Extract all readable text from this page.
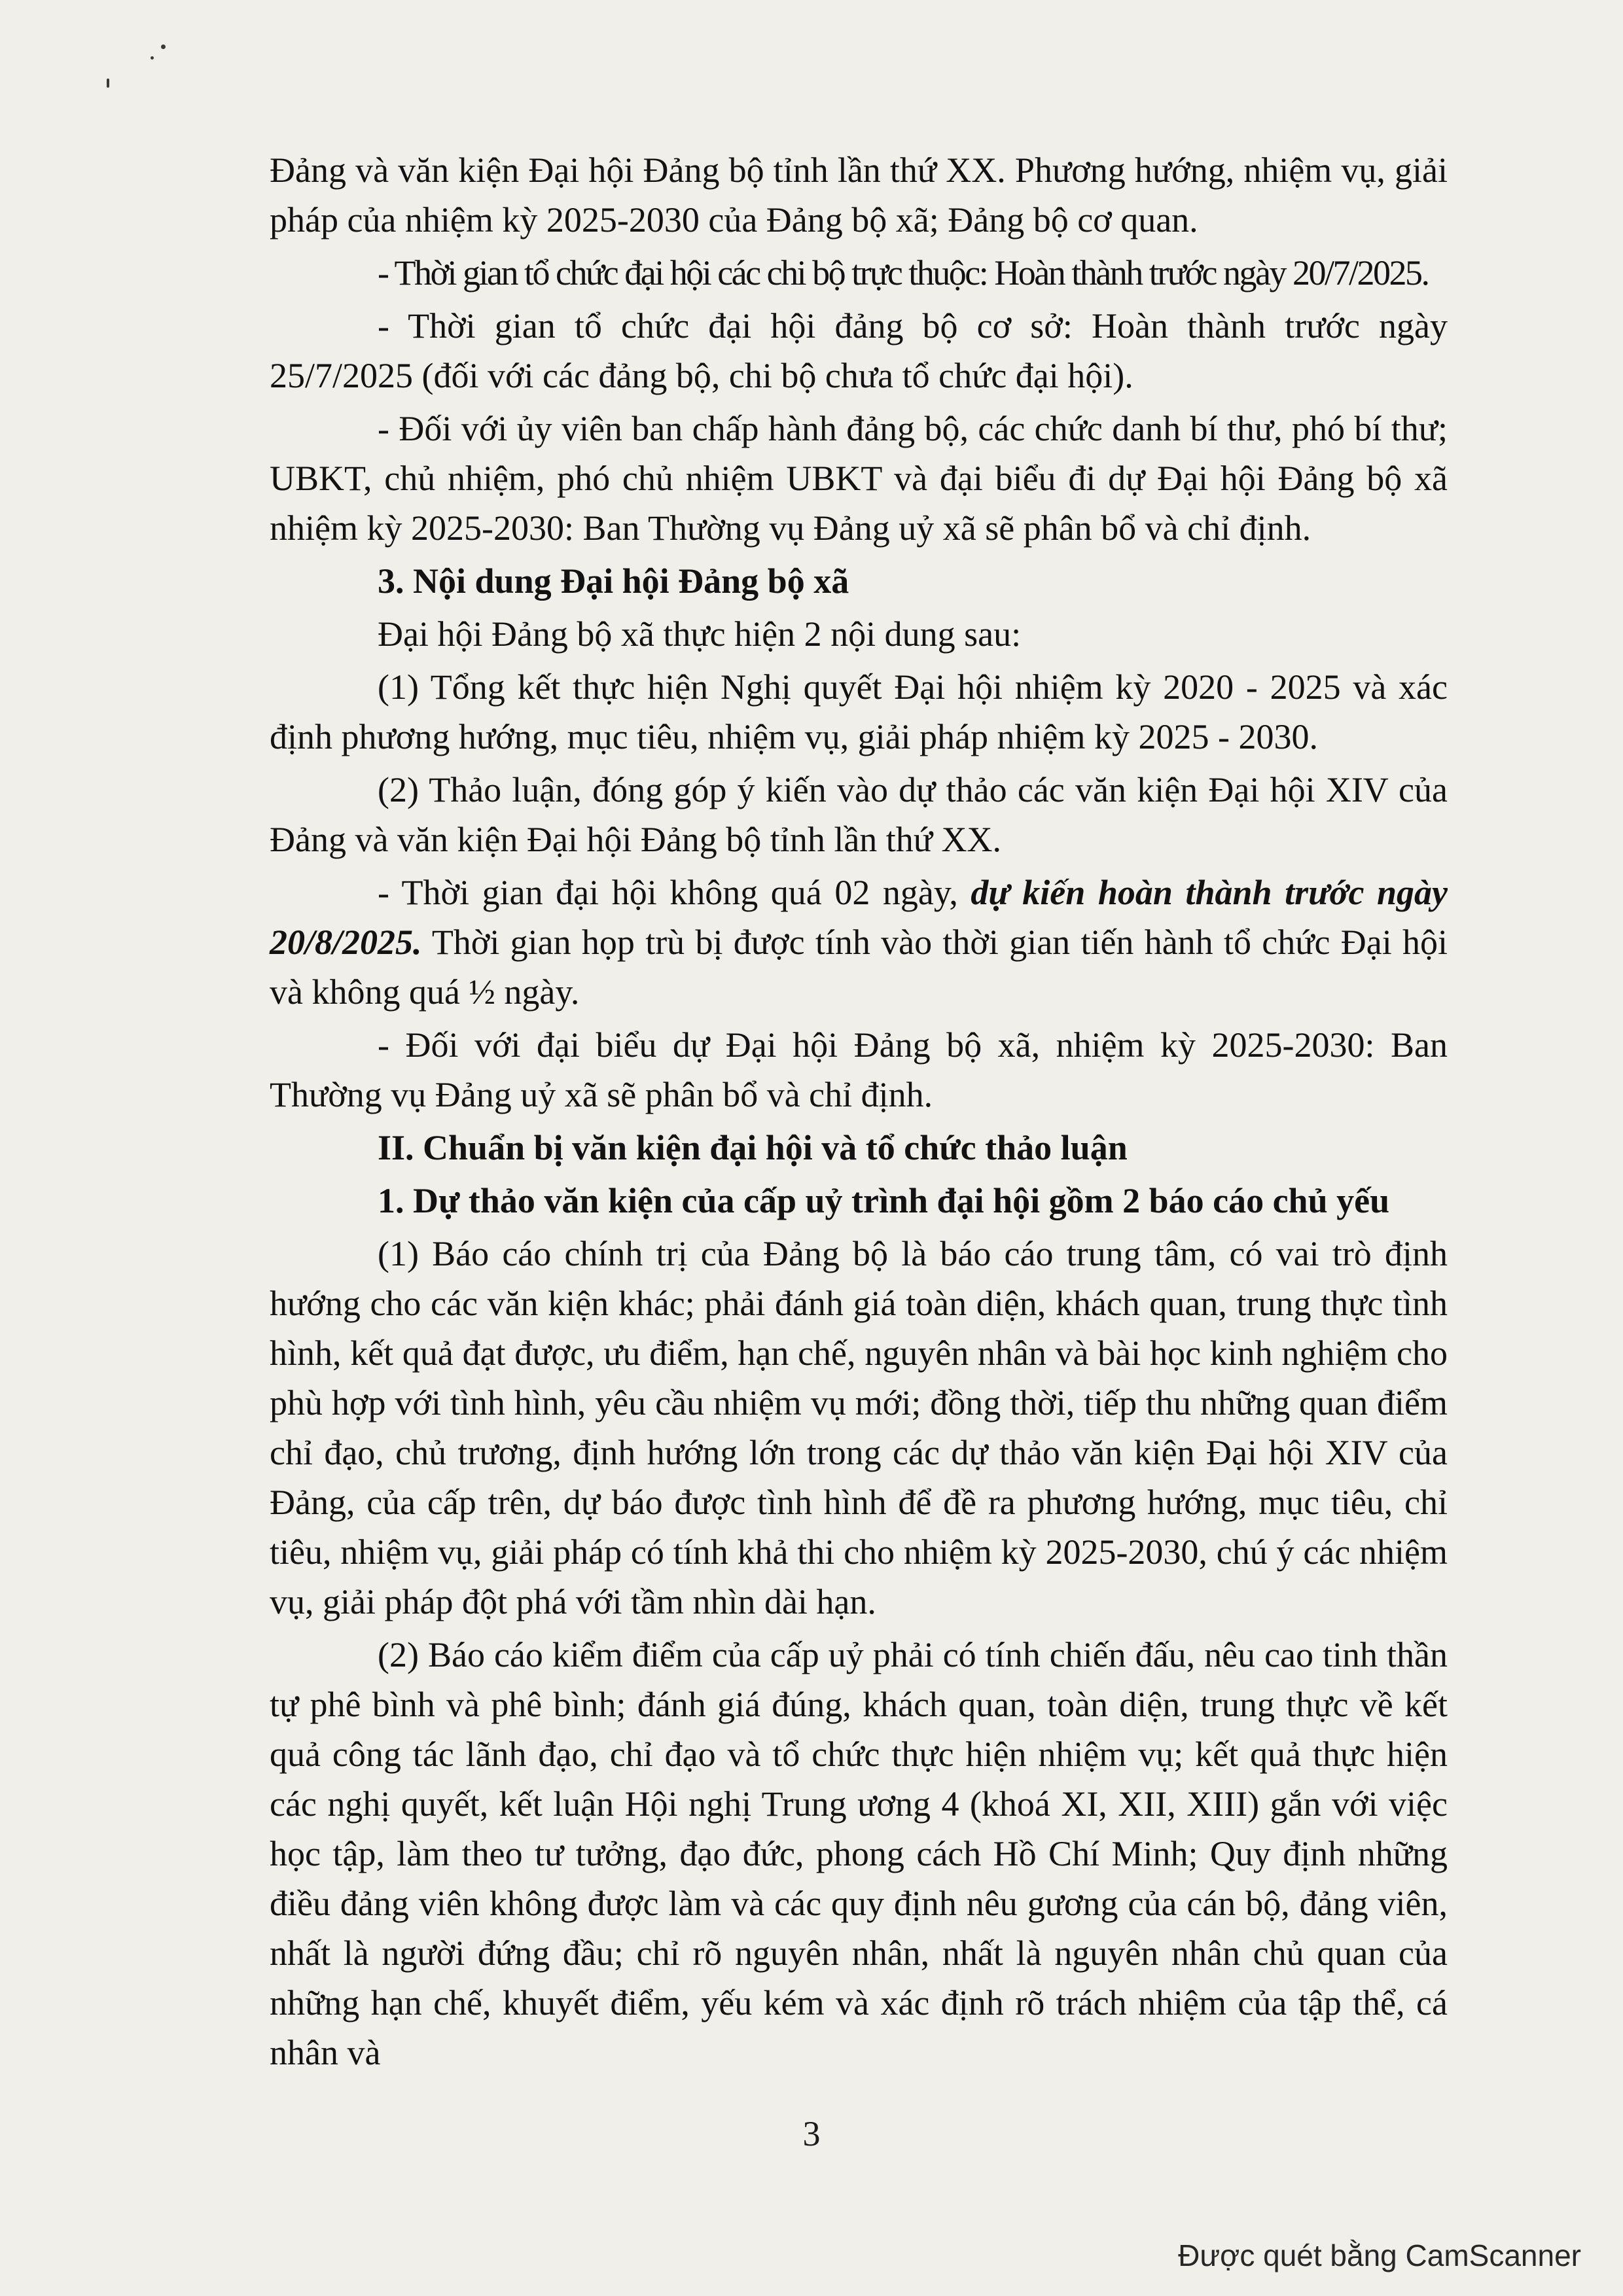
Đảng và văn kiện Đại hội Đảng bộ tỉnh lần thứ XX. Phương hướng, nhiệm vụ, giải pháp của nhiệm kỳ 2025-2030 của Đảng bộ xã; Đảng bộ cơ quan.

- Thời gian tổ chức đại hội các chi bộ trực thuộc: Hoàn thành trước ngày 20/7/2025.

- Thời gian tổ chức đại hội đảng bộ cơ sở: Hoàn thành trước ngày 25/7/2025 (đối với các đảng bộ, chi bộ chưa tổ chức đại hội).

- Đối với ủy viên ban chấp hành đảng bộ, các chức danh bí thư, phó bí thư; UBKT, chủ nhiệm, phó chủ nhiệm UBKT và đại biểu đi dự Đại hội Đảng bộ xã nhiệm kỳ 2025-2030: Ban Thường vụ Đảng uỷ xã sẽ phân bổ và chỉ định.

3. Nội dung Đại hội Đảng bộ xã

Đại hội Đảng bộ xã thực hiện 2 nội dung sau:

(1) Tổng kết thực hiện Nghị quyết Đại hội nhiệm kỳ 2020 - 2025 và xác định phương hướng, mục tiêu, nhiệm vụ, giải pháp nhiệm kỳ 2025 - 2030.

(2) Thảo luận, đóng góp ý kiến vào dự thảo các văn kiện Đại hội XIV của Đảng và văn kiện Đại hội Đảng bộ tỉnh lần thứ XX.

- Thời gian đại hội không quá 02 ngày, dự kiến hoàn thành trước ngày 20/8/2025. Thời gian họp trù bị được tính vào thời gian tiến hành tổ chức Đại hội và không quá ½ ngày.

- Đối với đại biểu dự Đại hội Đảng bộ xã, nhiệm kỳ 2025-2030: Ban Thường vụ Đảng uỷ xã sẽ phân bổ và chỉ định.

II. Chuẩn bị văn kiện đại hội và tổ chức thảo luận

1. Dự thảo văn kiện của cấp uỷ trình đại hội gồm 2 báo cáo chủ yếu

(1) Báo cáo chính trị của Đảng bộ là báo cáo trung tâm, có vai trò định hướng cho các văn kiện khác; phải đánh giá toàn diện, khách quan, trung thực tình hình, kết quả đạt được, ưu điểm, hạn chế, nguyên nhân và bài học kinh nghiệm cho phù hợp với tình hình, yêu cầu nhiệm vụ mới; đồng thời, tiếp thu những quan điểm chỉ đạo, chủ trương, định hướng lớn trong các dự thảo văn kiện Đại hội XIV của Đảng, của cấp trên, dự báo được tình hình để đề ra phương hướng, mục tiêu, chỉ tiêu, nhiệm vụ, giải pháp có tính khả thi cho nhiệm kỳ 2025-2030, chú ý các nhiệm vụ, giải pháp đột phá với tầm nhìn dài hạn.

(2) Báo cáo kiểm điểm của cấp uỷ phải có tính chiến đấu, nêu cao tinh thần tự phê bình và phê bình; đánh giá đúng, khách quan, toàn diện, trung thực về kết quả công tác lãnh đạo, chỉ đạo và tổ chức thực hiện nhiệm vụ; kết quả thực hiện các nghị quyết, kết luận Hội nghị Trung ương 4 (khoá XI, XII, XIII) gắn với việc học tập, làm theo tư tưởng, đạo đức, phong cách Hồ Chí Minh; Quy định những điều đảng viên không được làm và các quy định nêu gương của cán bộ, đảng viên, nhất là người đứng đầu; chỉ rõ nguyên nhân, nhất là nguyên nhân chủ quan của những hạn chế, khuyết điểm, yếu kém và xác định rõ trách nhiệm của tập thể, cá nhân và

3
Được quét bằng CamScanner
